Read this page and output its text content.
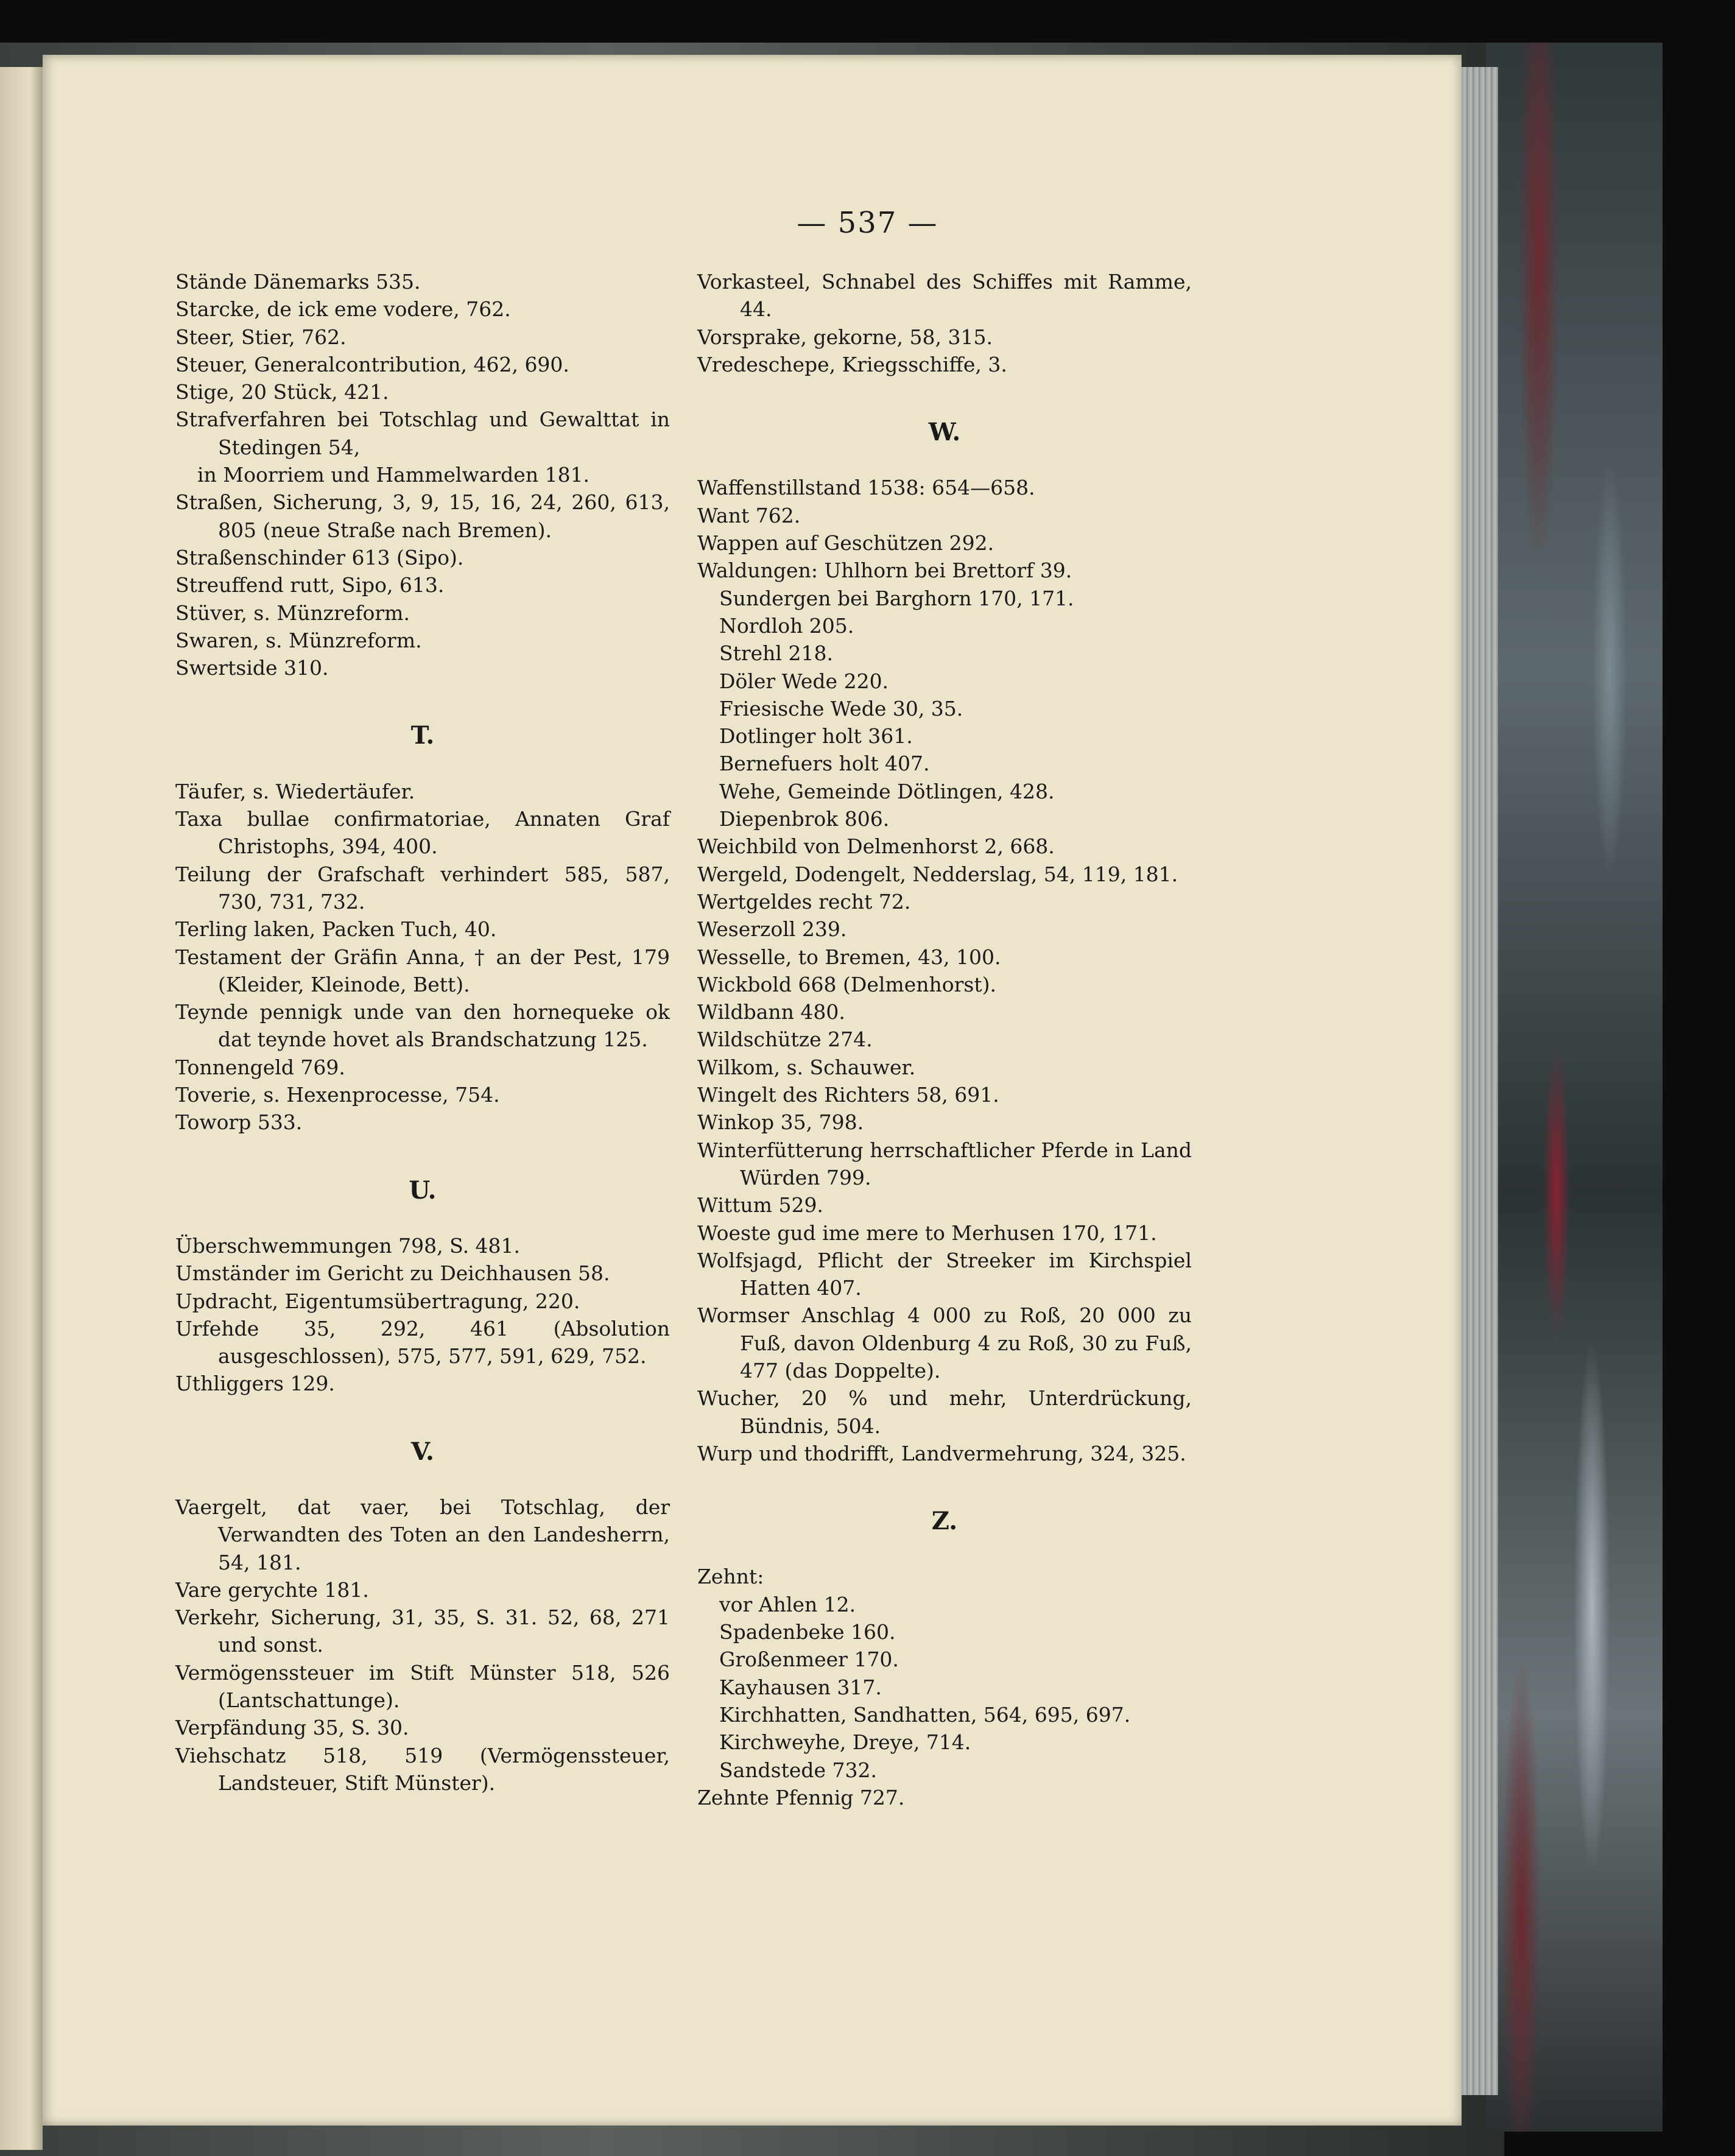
— 537 —

Stände Dänemarks 535.

Starcke, de ick eme vodere, 762.

Steer, Stier, 762.

Steuer, Generalcontribution, 462, 690.

Stige, 20 Stück, 421.

Strafverfahren bei Totschlag und Gewalttat in Stedingen 54,

in Moorriem und Hammelwarden 181.

Straßen, Sicherung, 3, 9, 15, 16, 24, 260, 613, 805 (neue Straße nach Bremen).

Straßenschinder 613 (Sipo).

Streuffend rutt, Sipo, 613.

Stüver, s. Münzreform.

Swaren, s. Münzreform.

Swertside 310.

T.

Täufer, s. Wiedertäufer.

Taxa bullae confirmatoriae, Annaten Graf Christophs, 394, 400.

Teilung der Grafschaft verhindert 585, 587, 730, 731, 732.

Terling laken, Packen Tuch, 40.

Testament der Gräfin Anna, † an der Pest, 179 (Kleider, Kleinode, Bett).

Teynde pennigk unde van den hornequeke ok dat teynde hovet als Brandschatzung 125.

Tonnengeld 769.

Toverie, s. Hexenprocesse, 754.

Toworp 533.

U.

Überschwemmungen 798, S. 481.

Umständer im Gericht zu Deichhausen 58.

Updracht, Eigentumsübertragung, 220.

Urfehde 35, 292, 461 (Absolution ausgeschlossen), 575, 577, 591, 629, 752.

Uthliggers 129.

V.

Vaergelt, dat vaer, bei Totschlag, der Verwandten des Toten an den Landesherrn, 54, 181.

Vare gerychte 181.

Verkehr, Sicherung, 31, 35, S. 31. 52, 68, 271 und sonst.

Vermögenssteuer im Stift Münster 518, 526 (Lantschattunge).

Verpfändung 35, S. 30.

Viehschatz 518, 519 (Vermögenssteuer, Landsteuer, Stift Münster).

Vorkasteel, Schnabel des Schiffes mit Ramme, 44.

Vorsprake, gekorne, 58, 315.

Vredeschepe, Kriegsschiffe, 3.

W.

Waffenstillstand 1538: 654—658.

Want 762.

Wappen auf Geschützen 292.

Waldungen: Uhlhorn bei Brettorf 39.

Sundergen bei Barghorn 170, 171.

Nordloh 205.

Strehl 218.

Döler Wede 220.

Friesische Wede 30, 35.

Dotlinger holt 361.

Bernefuers holt 407.

Wehe, Gemeinde Dötlingen, 428.

Diepenbrok 806.

Weichbild von Delmenhorst 2, 668.

Wergeld, Dodengelt, Nedderslag, 54, 119, 181.

Wertgeldes recht 72.

Weserzoll 239.

Wesselle, to Bremen, 43, 100.

Wickbold 668 (Delmenhorst).

Wildbann 480.

Wildschütze 274.

Wilkom, s. Schauwer.

Wingelt des Richters 58, 691.

Winkop 35, 798.

Winterfütterung herrschaftlicher Pferde in Land Würden 799.

Wittum 529.

Woeste gud ime mere to Merhusen 170, 171.

Wolfsjagd, Pflicht der Streeker im Kirchspiel Hatten 407.

Wormser Anschlag 4 000 zu Roß, 20 000 zu Fuß, davon Oldenburg 4 zu Roß, 30 zu Fuß, 477 (das Doppelte).

Wucher, 20 % und mehr, Unterdrückung, Bündnis, 504.

Wurp und thodrifft, Landvermehrung, 324, 325.

Z.

Zehnt:

vor Ahlen 12.

Spadenbeke 160.

Großenmeer 170.

Kayhausen 317.

Kirchhatten, Sandhatten, 564, 695, 697.

Kirchweyhe, Dreye, 714.

Sandstede 732.

Zehnte Pfennig 727.
